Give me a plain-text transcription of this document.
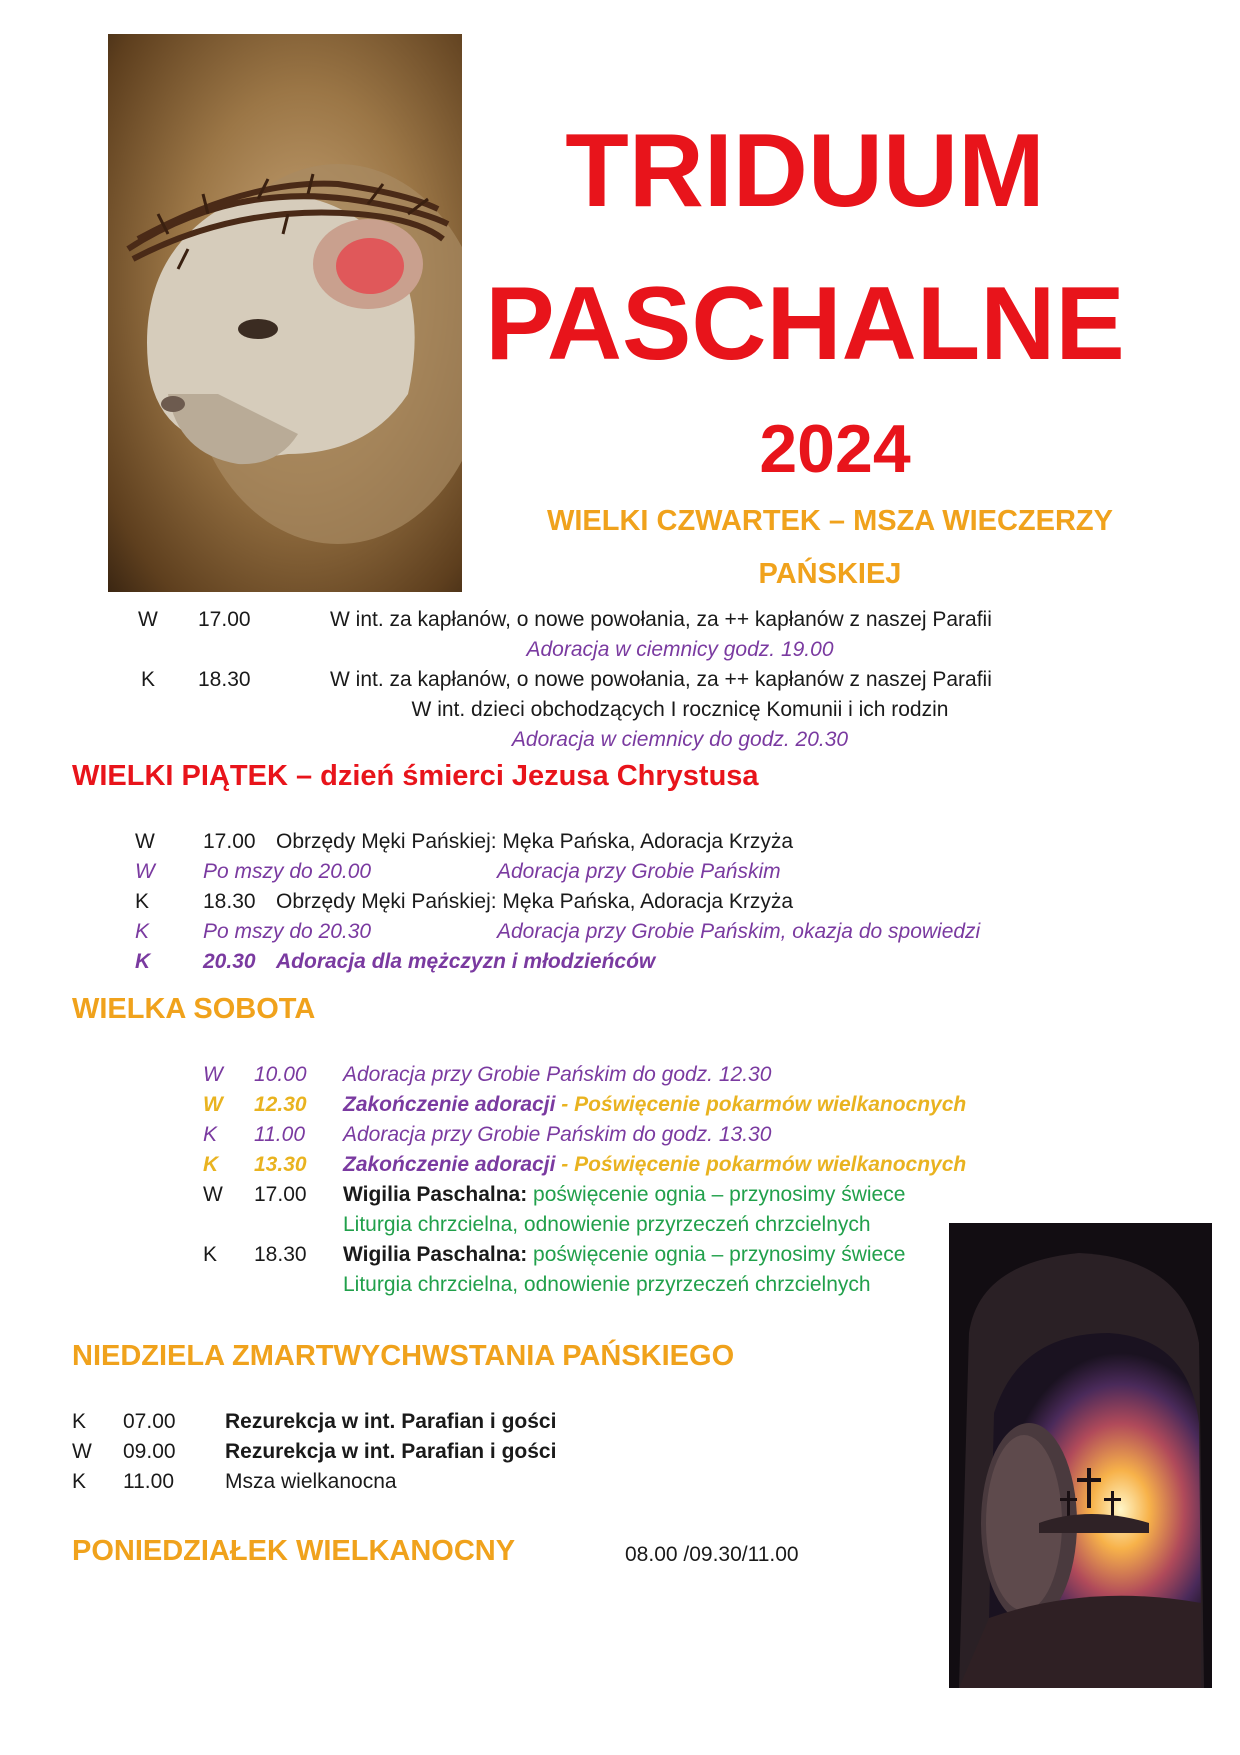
TRIDUUM
PASCHALNE
2024
WIELKI CZWARTEK – MSZA WIECZERZY
PAŃSKIEJ
W 17.00	W int. za kapłanów, o nowe powołania, za ++ kapłanów z naszej Parafii
Adoracja w ciemnicy godz. 19.00
K 18.30	W int. za kapłanów, o nowe powołania, za ++ kapłanów z naszej Parafii
W int. dzieci obchodzących I rocznicę Komunii i ich rodzin
Adoracja w ciemnicy do godz. 20.30
WIELKI PIĄTEK – dzień śmierci Jezusa Chrystusa
W 17.00 Obrzędy Męki Pańskiej: Męka Pańska, Adoracja Krzyża
W Po mszy do 20.00	Adoracja przy Grobie Pańskim
K	18.30 Obrzędy Męki Pańskiej: Męka Pańska, Adoracja Krzyża
K	Po mszy do 20.30	Adoracja przy Grobie Pańskim, okazja do spowiedzi
K	20.30 Adoracja dla mężczyzn i młodzieńców
WIELKA SOBOTA
W 10.00 Adoracja przy Grobie Pańskim do godz. 12.30
W 12.30 Zakończenie adoracji - Poświęcenie pokarmów wielkanocnych
K 11.00 Adoracja przy Grobie Pańskim do godz. 13.30
K 13.30 Zakończenie adoracji - Poświęcenie pokarmów wielkanocnych
W 17.00 Wigilia Paschalna: poświęcenie ognia – przynosimy świece
Liturgia chrzcielna, odnowienie przyrzeczeń chrzcielnych
K 18.30 Wigilia Paschalna: poświęcenie ognia – przynosimy świece
Liturgia chrzcielna, odnowienie przyrzeczeń chrzcielnych
NIEDZIELA ZMARTWYCHWSTANIA PAŃSKIEGO
K 07.00 Rezurekcja w int. Parafian i gości
W 09.00 Rezurekcja w int. Parafian i gości
K 11.00 Msza wielkanocna
PONIEDZIAŁEK WIELKANOCNY	08.00 /09.30/11.00
